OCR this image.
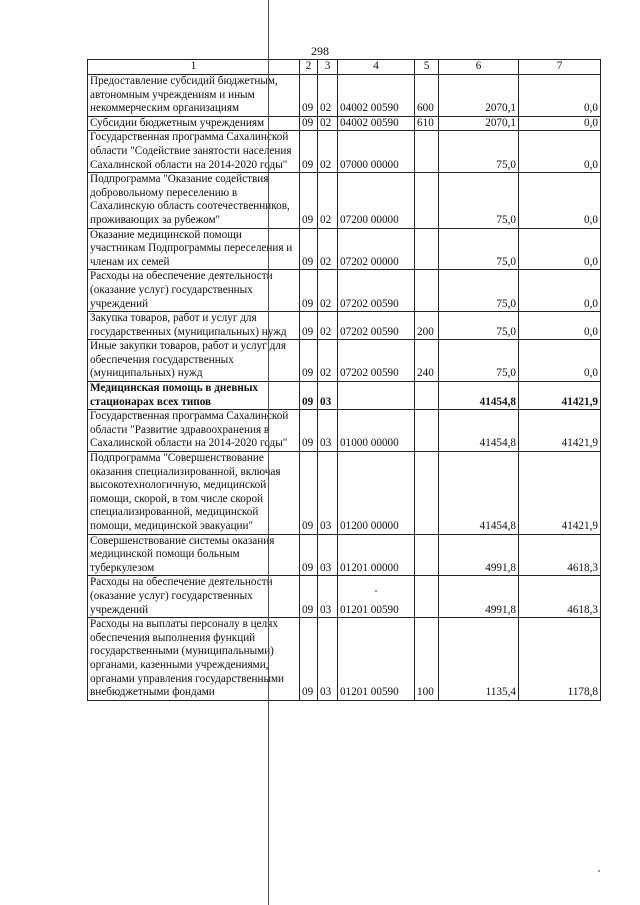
298
1	2	3	4	5	6	7
Предоставление субсидий бюджетным, автономным учреждениям и иным некоммерческим организациям	09	02	04002 00590	600	2070,1	0,0
Субсидии бюджетным учреждениям	09	02	04002 00590	610	2070,1	0,0
Государственная программа Сахалинской области "Содействие занятости населения Сахалинской области на 2014-2020 годы"	09	02	07000 00000		75,0	0,0
Подпрограмма "Оказание содействия добровольному переселению в Сахалинскую область соотечественников, проживающих за рубежом"	09	02	07200 00000		75,0	0,0
Оказание медицинской помощи участникам Подпрограммы переселения и членам их семей	09	02	07202 00000		75,0	0,0
Расходы на обеспечение деятельности (оказание услуг) государственных учреждений	09	02	07202 00590		75,0	0,0
Закупка товаров, работ и услуг для государственных (муниципальных) нужд	09	02	07202 00590	200	75,0	0,0
Иные закупки товаров, работ и услуг для обеспечения государственных (муниципальных) нужд	09	02	07202 00590	240	75,0	0,0
Медицинская помощь в дневных стационарах всех типов	09	03			41454,8	41421,9
Государственная программа Сахалинской области "Развитие здравоохранения в Сахалинской области на 2014-2020 годы"	09	03	01000 00000		41454,8	41421,9
Подпрограмма "Совершенствование оказания специализированной, включая высокотехнологичную, медицинской помощи, скорой, в том числе скорой специализированной, медицинской помощи, медицинской эвакуации"	09	03	01200 00000		41454,8	41421,9
Совершенствование системы оказания медицинской помощи больным туберкулезом	09	03	01201 00000		4991,8	4618,3
Расходы на обеспечение деятельности (оказание услуг) государственных учреждений	09	03	01201 00590		4991,8	4618,3
Расходы на выплаты персоналу в целях обеспечения выполнения функций государственными (муниципальными) органами, казенными учреждениями, органами управления государственными внебюджетными фондами	09	03	01201 00590	100	1135,4	1178,8
